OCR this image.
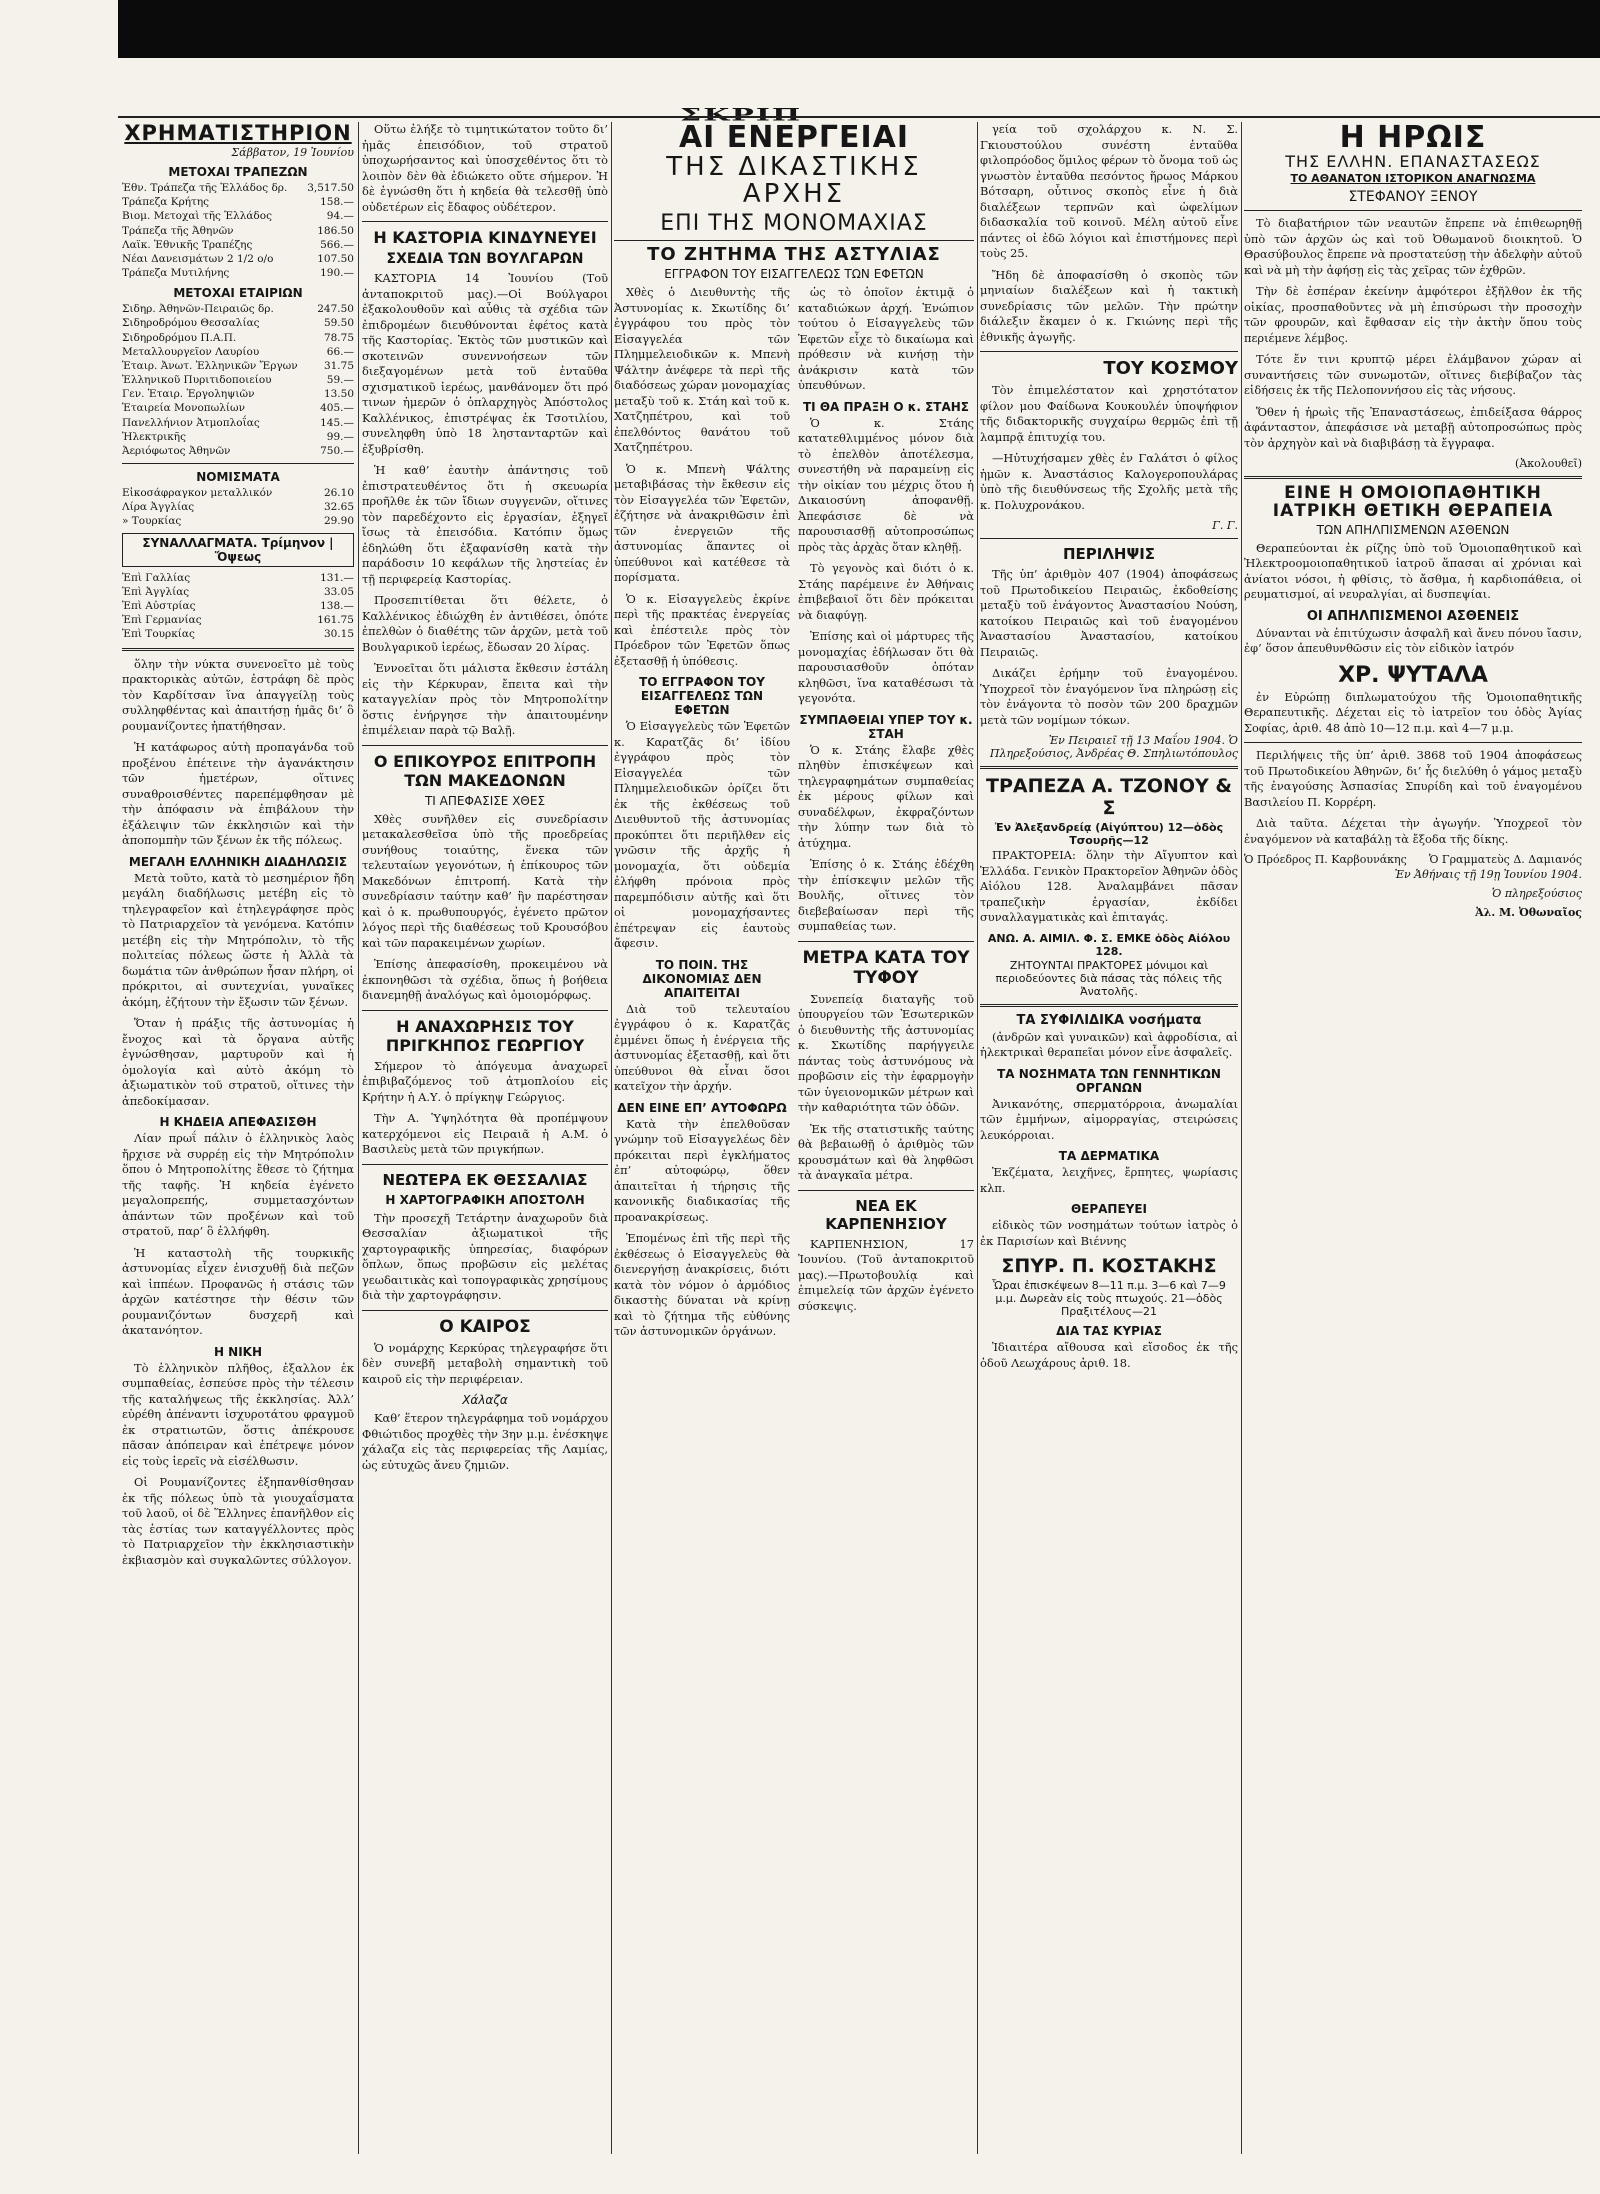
ΣΚΡΙΠ
ΧΡΗΜΑΤΙΣΤΗΡΙΟΝ
Σάββατον, 19 Ἰουνίου
ΜΕΤΟΧΑΙ ΤΡΑΠΕΖΩΝ
Ἐθν. Τράπεζα τῆς Ἑλλάδος δρ.	3,517.50
Τράπεζα Κρήτης	158.—
Βιομ. Μετοχαὶ τῆς Ἑλλάδος	94.—
Τράπεζα τῆς Ἀθηνῶν	186.50
Λαϊκ. Ἐθνικῆς Τραπέζης	566.—
Νέαι Δανεισμάτων 2 1/2 ο/ο	107.50
Τράπεζα Μυτιλήνης	190.—
ΜΕΤΟΧΑΙ ΕΤΑΙΡΙΩΝ
Σιδηρ. Ἀθηνῶν-Πειραιῶς δρ.	247.50
Σιδηροδρόμου Θεσσαλίας	59.50
Σιδηροδρόμου Π.Α.Π.	78.75
Μεταλλουργεῖον Λαυρίου	66.—
Ἑταιρ. Ἀνωτ. Ἐλληνικῶν Ἔργων	31.75
Ἑλληνικοῦ Πυριτιδοποιείου	59.—
Γεν. Ἑταιρ. Ἐργοληψιῶν	13.50
Ἑταιρεία Μονοπωλίων	405.—
Πανελλήνιον Ἀτμοπλοΐας	145.—
Ἠλεκτρικῆς	99.—
Ἀεριόφωτος Ἀθηνῶν	750.—
ΝΟΜΙΣΜΑΤΑ
Εἰκοσάφραγκον μεταλλικόν	26.10
Λίρα Ἀγγλίας	32.65
» Τουρκίας	29.90
ΣΥΝΑΛΛΑΓΜΑΤΑ. Τρίμηνον | Ὄψεως
Ἐπὶ Γαλλίας	131.—
Ἐπὶ Ἀγγλίας	33.05
Ἐπὶ Αὐστρίας	138.—
Ἐπὶ Γερμανίας	161.75
Ἐπὶ Τουρκίας	30.15

ὅλην τὴν νύκτα συνενοεῖτο μὲ τοὺς πρακτορικὰς αὐτῶν, ἐστράφη δὲ πρὸς τὸν Καρδίτσαν ἵνα ἀπαγγείλῃ τοὺς συλληφθέντας καὶ ἀπαιτήσῃ ἡμᾶς δι’ ὃ ρουμανίζοντες ἠπατήθησαν.

Ἡ κατάφωρος αὐτὴ προπαγάνδα τοῦ προξένου ἐπέτεινε τὴν ἀγανάκτησιν τῶν ἡμετέρων, οἵτινες συναθροισθέντες παρεπέμφθησαν μὲ τὴν ἀπόφασιν νὰ ἐπιβάλουν τὴν ἐξάλειψιν τῶν ἐκκλησιῶν καὶ τὴν ἀποπομπὴν τῶν ξένων ἐκ τῆς πόλεως.

ΜΕΓΑΛΗ ΕΛΛΗΝΙΚΗ ΔΙΑΔΗΛΩΣΙΣ

Μετὰ τοῦτο, κατὰ τὸ μεσημέριον ἤδη μεγάλη διαδήλωσις μετέβη εἰς τὸ τηλεγραφεῖον καὶ ἐτηλεγράφησε πρὸς τὸ Πατριαρχεῖον τὰ γενόμενα. Κατόπιν μετέβη εἰς τὴν Μητρόπολιν, τὸ τῆς πολιτείας πόλεως ὥστε ἡ Ἀλλὰ τὰ δωμάτια τῶν ἀνθρώπων ἦσαν πλήρη, οἱ πρόκριτοι, αἱ συντεχνίαι, γυναῖκες ἀκόμη, ἐζήτουν τὴν ἔξωσιν τῶν ξένων.

Ὅταν ἡ πράξις τῆς ἀστυνομίας ἡ ἔνοχος καὶ τὰ ὄργανα αὐτῆς ἐγνώσθησαν, μαρτυροῦν καὶ ἡ ὁμολογία καὶ αὐτὸ ἀκόμη τὸ ἀξιωματικὸν τοῦ στρατοῦ, οἵτινες τὴν ἀπεδοκίμασαν.

Η ΚΗΔΕΙΑ ΑΠΕΦΑΣΙΣΘΗ

Λίαν πρωΐ πάλιν ὁ ἑλληνικὸς λαὸς ἤρχισε νὰ συρρέῃ εἰς τὴν Μητρόπολιν ὅπου ὁ Μητροπολίτης ἔθεσε τὸ ζήτημα τῆς ταφῆς. Ἡ κηδεία ἐγένετο μεγαλοπρεπής, συμμετασχόντων ἁπάντων τῶν προξένων καὶ τοῦ στρατοῦ, παρ’ ὃ ἐλλήφθη.

Ἡ καταστολὴ τῆς τουρκικῆς ἀστυνομίας εἶχεν ἐνισχυθῇ διὰ πεζῶν καὶ ἱππέων. Προφανῶς ἡ στάσις τῶν ἀρχῶν κατέστησε τὴν θέσιν τῶν ρουμανιζόντων δυσχερῆ καὶ ἀκατανόητον.

Η ΝΙΚΗ

Τὸ ἑλληνικὸν πλῆθος, ἐξαλλον ἐκ συμπαθείας, ἐσπεύσε πρὸς τὴν τέλεσιν τῆς καταλήψεως τῆς ἐκκλησίας. Ἀλλ’ εὑρέθη ἀπέναντι ἰσχυροτάτου φραγμοῦ ἐκ στρατιωτῶν, ὅστις ἀπέκρουσε πᾶσαν ἀπόπειραν καὶ ἐπέτρεψε μόνον εἰς τοὺς ἱερεῖς νὰ εἰσέλθωσιν.

Οἱ Ρουμανίζοντες ἐξηπανθίσθησαν ἐκ τῆς πόλεως ὑπὸ τὰ γιουχαΐσματα τοῦ λαοῦ, οἱ δὲ Ἕλληνες ἐπανῆλθον εἰς τὰς ἑστίας των καταγγέλλοντες πρὸς τὸ Πατριαρχεῖον τὴν ἐκκλησιαστικὴν ἐκβιασμὸν καὶ συγκαλῶντες σύλλογον.

Οὕτω ἐλήξε τὸ τιμητικώτατον τοῦτο δι’ ἡμᾶς ἐπεισόδιον, τοῦ στρατοῦ ὑποχωρήσαντος καὶ ὑποσχεθέντος ὅτι τὸ λοιπὸν δὲν θὰ ἐδιώκετο οὔτε σήμερον. Ἡ δὲ ἐγνώσθη ὅτι ἡ κηδεία θὰ τελεσθῇ ὑπὸ οὐδετέρων εἰς ἔδαφος οὐδέτερον.

Η ΚΑΣΤΟΡΙΑ ΚΙΝΔΥΝΕΥΕΙ
ΣΧΕΔΙΑ ΤΩΝ ΒΟΥΛΓΑΡΩΝ

ΚΑΣΤΟΡΙΑ 14 Ἰουνίου (Τοῦ ἀνταποκριτοῦ μας).—Οἱ Βούλγαροι ἐξακολουθοῦν καὶ αὖθις τὰ σχέδια τῶν ἐπιδρομέων διευθύνονται ἐφέτος κατὰ τῆς Καστορίας. Ἐκτὸς τῶν μυστικῶν καὶ σκοτεινῶν συνεννοήσεων τῶν διεξαγομένων μετὰ τοῦ ἐνταῦθα σχισματικοῦ ἱερέως, μανθάνομεν ὅτι πρό τινων ἡμερῶν ὁ ὁπλαρχηγὸς Ἀπόστολος Καλλένικος, ἐπιστρέψας ἐκ Τσοτιλίου, συνεληφθη ὑπὸ 18 ληστανταρτῶν καὶ ἐξυβρίσθη.

Ἡ καθ’ ἑαυτὴν ἀπάντησις τοῦ ἐπιστρατευθέντος ὅτι ἡ σκευωρία προῆλθε ἐκ τῶν ἴδιων συγγενῶν, οἵτινες τὸν παρεδέχοντο εἰς ἐργασίαν, ἐξηγεῖ ἴσως τὰ ἐπεισόδια. Κατόπιν ὅμως ἐδηλώθη ὅτι ἐξαφανίσθη κατὰ τὴν παράδοσιν 10 κεφάλων τῆς ληστείας ἐν τῇ περιφερείᾳ Καστορίας.

Προσεπιτίθεται ὅτι θέλετε, ὁ Καλλένικος ἐδιώχθη ἐν ἀντιθέσει, ὁπότε ἐπελθὼν ὁ διαθέτης τῶν ἀρχῶν, μετὰ τοῦ Βουλγαρικοῦ ἱερέως, ἔδωσαν 20 λίρας.

Ἐννοεῖται ὅτι μάλιστα ἔκθεσιν ἐστάλη εἰς τὴν Κέρκυραν, ἔπειτα καὶ τὴν καταγγελίαν πρὸς τὸν Μητροπολίτην ὅστις ἐνήργησε τὴν ἀπαιτουμένην ἐπιμέλειαν παρὰ τῷ Βαλῇ.

Ο ΕΠΙΚΟΥΡΟΣ ΕΠΙΤΡΟΠΗ ΤΩΝ ΜΑΚΕΔΟΝΩΝ
ΤΙ ΑΠΕΦΑΣΙΣΕ ΧΘΕΣ

Χθὲς συνῆλθεν εἰς συνεδρίασιν μετακαλεσθεῖσα ὑπὸ τῆς προεδρείας συνήθους τοιαύτης, ἕνεκα τῶν τελευταίων γεγονότων, ἡ ἐπίκουρος τῶν Μακεδόνων ἐπιτροπή. Κατὰ τὴν συνεδρίασιν ταύτην καθ’ ἣν παρέστησαν καὶ ὁ κ. πρωθυπουργός, ἐγένετο πρῶτον λόγος περὶ τῆς διαθέσεως τοῦ Κρουσόβου καὶ τῶν παρακειμένων χωρίων.

Ἐπίσης ἀπεφασίσθη, προκειμένου νὰ ἐκπονηθῶσι τὰ σχέδια, ὅπως ἡ βοήθεια διανεμηθῇ ἀναλόγως καὶ ὁμοιομόρφως.

Η ΑΝΑΧΩΡΗΣΙΣ ΤΟΥ ΠΡΙΓΚΗΠΟΣ ΓΕΩΡΓΙΟΥ

Σήμερον τὸ ἀπόγευμα ἀναχωρεῖ ἐπιβιβαζόμενος τοῦ ἀτμοπλοίου εἰς Κρήτην ἡ Α.Υ. ὁ πρίγκηψ Γεώργιος.

Τὴν Α. Ὑψηλότητα θὰ προπέμψουν κατερχόμενοι εἰς Πειραιᾶ ἡ Α.Μ. ὁ Βασιλεὺς μετὰ τῶν πριγκήπων.

ΝΕΩΤΕΡΑ ΕΚ ΘΕΣΣΑΛΙΑΣ
Η ΧΑΡΤΟΓΡΑΦΙΚΗ ΑΠΟΣΤΟΛΗ

Τὴν προσεχῆ Τετάρτην ἀναχωροῦν διὰ Θεσσαλίαν ἀξιωματικοὶ τῆς χαρτογραφικῆς ὑπηρεσίας, διαφόρων ὅπλων, ὅπως προβῶσιν εἰς μελέτας γεωδαιτικὰς καὶ τοπογραφικὰς χρησίμους διὰ τὴν χαρτογράφησιν.

Ο ΚΑΙΡΟΣ

Ὁ νομάρχης Κερκύρας τηλεγραφήσε ὅτι δὲν συνεβῆ μεταβολὴ σημαντικὴ τοῦ καιροῦ εἰς τὴν περιφέρειαν.

Χάλαζα

Καθ’ ἕτερον τηλεγράφημα τοῦ νομάρχου Φθιώτιδος προχθὲς τὴν 3ην μ.μ. ἐνέσκηψε χάλαζα εἰς τὰς περιφερείας τῆς Λαμίας, ὡς εὐτυχῶς ἄνευ ζημιῶν.

ΑΙ ΕΝΕΡΓΕΙΑΙ
ΤΗΣ ΔΙΚΑΣΤΙΚΗΣ ΑΡΧΗΣ
ΕΠΙ ΤΗΣ ΜΟΝΟΜΑΧΙΑΣ
ΤΟ ΖΗΤΗΜΑ ΤΗΣ ΑΣΤΥΛΙΑΣ
ΕΓΓΡΑΦΟΝ ΤΟΥ ΕΙΣΑΓΓΕΛΕΩΣ ΤΩΝ ΕΦΕΤΩΝ

Χθὲς ὁ Διευθυντὴς τῆς Ἀστυνομίας κ. Σκωτίδης δι’ ἐγγράφου του πρὸς τὸν Εἰσαγγελέα τῶν Πλημμελειοδικῶν κ. Μπενὴ Ψάλτην ἀνέφερε τὰ περὶ τῆς διαδόσεως χώραν μονομαχίας μεταξὺ τοῦ κ. Στάη καὶ τοῦ κ. Χατζηπέτρου, καὶ τοῦ ἐπελθόντος θανάτου τοῦ Χατζηπέτρου.

Ὁ κ. Μπενὴ Ψάλτης μεταβιβάσας τὴν ἔκθεσιν εἰς τὸν Εἰσαγγελέα τῶν Ἐφετῶν, ἐζήτησε νὰ ἀνακριθῶσιν ἐπὶ τῶν ἐνεργειῶν τῆς ἀστυνομίας ἅπαντες οἱ ὑπεύθυνοι καὶ κατέθεσε τὰ πορίσματα.

Ὁ κ. Εἰσαγγελεὺς ἐκρίνε περὶ τῆς πρακτέας ἐνεργείας καὶ ἐπέστειλε πρὸς τὸν Πρόεδρον τῶν Ἐφετῶν ὅπως ἐξετασθῇ ἡ ὑπόθεσις.

ΤΟ ΕΓΓΡΑΦΟΝ ΤΟΥ ΕΙΣΑΓΓΕΛΕΩΣ ΤΩΝ ΕΦΕΤΩΝ

Ὁ Εἰσαγγελεὺς τῶν Ἐφετῶν κ. Καρατζᾶς δι’ ἰδίου ἐγγράφου πρὸς τὸν Εἰσαγγελέα τῶν Πλημμελειοδικῶν ὁρίζει ὅτι ἐκ τῆς ἐκθέσεως τοῦ Διευθυντοῦ τῆς ἀστυνομίας προκύπτει ὅτι περιῆλθεν εἰς γνῶσιν τῆς ἀρχῆς ἡ μονομαχία, ὅτι οὐδεμία ἐλήφθη πρόνοια πρὸς παρεμπόδισιν αὐτῆς καὶ ὅτι οἱ μονομαχήσαντες ἐπέτρεψαν εἰς ἑαυτοὺς ἄφεσιν.

ΤΟ ΠΟΙΝ. ΤΗΣ ΔΙΚΟΝΟΜΙΑΣ ΔΕΝ ΑΠΑΙΤΕΙΤΑΙ

Διὰ τοῦ τελευταίου ἐγγράφου ὁ κ. Καρατζᾶς ἐμμένει ὅπως ἡ ἐνέργεια τῆς ἀστυνομίας ἐξετασθῇ, καὶ ὅτι ὑπεύθυνοι θὰ εἶναι ὅσοι κατεῖχον τὴν ἀρχήν.

ΔΕΝ ΕΙΝΕ ΕΠ’ ΑΥΤΟΦΩΡΩ

Κατὰ τὴν ἐπελθοῦσαν γνώμην τοῦ Εἰσαγγελέως δὲν πρόκειται περὶ ἐγκλήματος ἐπ’ αὐτοφώρῳ, ὅθεν ἀπαιτεῖται ἡ τήρησις τῆς κανονικῆς διαδικασίας τῆς προανακρίσεως.

Ἑπομένως ἐπὶ τῆς περὶ τῆς ἐκθέσεως ὁ Εἰσαγγελεὺς θὰ διενεργήσῃ ἀνακρίσεις, διότι κατὰ τὸν νόμον ὁ ἀρμόδιος δικαστὴς δύναται νὰ κρίνῃ καὶ τὸ ζήτημα τῆς εὐθύνης τῶν ἀστυνομικῶν ὀργάνων.

ὡς τὸ ὁποῖον ἐκτιμᾷ ὁ καταδιώκων ἀρχή. Ἐνώπιον τούτου ὁ Εἰσαγγελεὺς τῶν Ἐφετῶν εἶχε τὸ δικαίωμα καὶ πρόθεσιν νὰ κινήσῃ τὴν ἀνάκρισιν κατὰ τῶν ὑπευθύνων.

ΤΙ ΘΑ ΠΡΑΞΗ Ο κ. ΣΤΑΗΣ

Ὁ κ. Στάης κατατεθλιμμένος μόνον διὰ τὸ ἐπελθὸν ἀποτέλεσμα, συνεστήθη νὰ παραμείνῃ εἰς τὴν οἰκίαν του μέχρις ὅτου ἡ Δικαιοσύνη ἀποφανθῇ. Ἀπεφάσισε δὲ νὰ παρουσιασθῇ αὐτοπροσώπως πρὸς τὰς ἀρχὰς ὅταν κληθῇ.

Τὸ γεγονὸς καὶ διότι ὁ κ. Στάης παρέμεινε ἐν Ἀθήναις ἐπιβεβαιοῖ ὅτι δὲν πρόκειται νὰ διαφύγῃ.

Ἐπίσης καὶ οἱ μάρτυρες τῆς μονομαχίας ἐδήλωσαν ὅτι θὰ παρουσιασθοῦν ὁπόταν κληθῶσι, ἵνα καταθέσωσι τὰ γεγονότα.

ΣΥΜΠΑΘΕΙΑΙ ΥΠΕΡ ΤΟΥ κ. ΣΤΑΗ

Ὁ κ. Στάης ἔλαβε χθὲς πληθὺν ἐπισκέψεων καὶ τηλεγραφημάτων συμπαθείας ἐκ μέρους φίλων καὶ συναδέλφων, ἐκφραζόντων τὴν λύπην των διὰ τὸ ἀτύχημα.

Ἐπίσης ὁ κ. Στάης ἐδέχθη τὴν ἐπίσκεψιν μελῶν τῆς Βουλῆς, οἵτινες τὸν διεβεβαίωσαν περὶ τῆς συμπαθείας των.

ΜΕΤΡΑ ΚΑΤΑ ΤΟΥ ΤΥΦΟΥ

Συνεπείᾳ διαταγῆς τοῦ ὑπουργείου τῶν Ἐσωτερικῶν ὁ διευθυντὴς τῆς ἀστυνομίας κ. Σκωτίδης παρήγγειλε πάντας τοὺς ἀστυνόμους νὰ προβῶσιν εἰς τὴν ἐφαρμογὴν τῶν ὑγειονομικῶν μέτρων καὶ τὴν καθαριότητα τῶν ὁδῶν.

Ἐκ τῆς στατιστικῆς ταύτης θὰ βεβαιωθῇ ὁ ἀριθμὸς τῶν κρουσμάτων καὶ θὰ ληφθῶσι τὰ ἀναγκαῖα μέτρα.

ΝΕΑ ΕΚ ΚΑΡΠΕΝΗΣΙΟΥ

ΚΑΡΠΕΝΗΣΙΟΝ, 17 Ἰουνίου. (Τοῦ ἀνταποκριτοῦ μας).—Πρωτοβουλίᾳ καὶ ἐπιμελείᾳ τῶν ἀρχῶν ἐγένετο σύσκεψις.

γεία τοῦ σχολάρχου κ. Ν. Σ. Γκιουστούλου συνέστη ἐνταῦθα φιλοπρόοδος ὅμιλος φέρων τὸ ὄνομα τοῦ ὡς γνωστὸν ἐνταῦθα πεσόντος ἥρωος Μάρκου Βότσαρη, οὗτινος σκοπὸς εἶνε ἡ διὰ διαλέξεων τερπνῶν καὶ ὠφελίμων διδασκαλία τοῦ κοινοῦ. Μέλη αὐτοῦ εἶνε πάντες οἱ ἐδῶ λόγιοι καὶ ἐπιστήμονες περὶ τοὺς 25.

Ἤδη δὲ ἀποφασίσθη ὁ σκοπὸς τῶν μηνιαίων διαλέξεων καὶ ἡ τακτικὴ συνεδρίασις τῶν μελῶν. Τὴν πρώτην διάλεξιν ἔκαμεν ὁ κ. Γκιώνης περὶ τῆς ἐθνικῆς ἀγωγῆς.

ΤΟΥ ΚΟΣΜΟΥ

Τὸν ἐπιμελέστατον καὶ χρηστότατον φίλον μου Φαίδωνα Κουκουλέν ὑποψήφιον τῆς διδακτορικῆς συγχαίρω θερμῶς ἐπὶ τῇ λαμπρᾷ ἐπιτυχίᾳ του.

—Ηὐτυχήσαμεν χθὲς ἐν Γαλάτσι ὁ φίλος ἡμῶν κ. Ἀναστάσιος Καλογεροπουλάρας ὑπὸ τῆς διευθύνσεως τῆς Σχολῆς μετὰ τῆς κ. Πολυχρονάκου.

Γ. Γ.
ΠΕΡΙΛΗΨΙΣ

Τῆς ὑπ’ ἀριθμὸν 407 (1904) ἀποφάσεως τοῦ Πρωτοδικείου Πειραιῶς, ἐκδοθείσης μεταξὺ τοῦ ἐνάγοντος Ἀναστασίου Νούση, κατοίκου Πειραιῶς καὶ τοῦ ἐναγομένου Ἀναστασίου Ἀναστασίου, κατοίκου Πειραιῶς.

Δικάζει ἐρήμην τοῦ ἐναγομένου. Ὑποχρεοῖ τὸν ἐναγόμενον ἵνα πληρώσῃ εἰς τὸν ἐνάγοντα τὸ ποσὸν τῶν 200 δραχμῶν μετὰ τῶν νομίμων τόκων.

Ἐν Πειραιεῖ τῇ 13 Μαΐου 1904. Ὁ Πληρεξούσιος, Ἀνδρέας Θ. Σπηλιωτόπουλος
ΤΡΑΠΕΖΑ Α. ΤΖΟΝΟΥ & Σ
Ἐν Ἀλεξανδρείᾳ (Αἰγύπτου) 12—ὁδὸς Τσουρῆς—12

ΠΡΑΚΤΟΡΕΙΑ: ὅλην τὴν Αἴγυπτον καὶ Ἑλλάδα. Γενικὸν Πρακτορεῖον Ἀθηνῶν ὁδὸς Αἰόλου 128. Ἀναλαμβάνει πᾶσαν τραπεζικὴν ἐργασίαν, ἐκδίδει συναλλαγματικὰς καὶ ἐπιταγάς.

ΑΝΩ. Α. ΑΙΜΙΛ. Φ. Σ. ΕΜΚΕ ὁδὸς Αἰόλου 128.
ΖΗΤΟΥΝΤΑΙ ΠΡΑΚΤΟΡΕΣ μόνιμοι καὶ περιοδεύοντες διὰ πάσας τὰς πόλεις τῆς Ἀνατολῆς.
ΤΑ ΣΥΦΙΛΙΔΙΚΑ νοσήματα

(ἀνδρῶν καὶ γυναικῶν) καὶ ἀφροδίσια, αἱ ἡλεκτρικαὶ θεραπεῖαι μόνον εἶνε ἀσφαλεῖς.

ΤΑ ΝΟΣΗΜΑΤΑ ΤΩΝ ΓΕΝΝΗΤΙΚΩΝ ΟΡΓΑΝΩΝ

Ἀνικανότης, σπερματόρροια, ἀνωμαλίαι τῶν ἐμμήνων, αἱμορραγίας, στειρώσεις λευκόρροιαι.

ΤΑ ΔΕΡΜΑΤΙΚΑ

Ἐκζέματα, λειχῆνες, ἔρπητες, ψωρίασις κλπ.

ΘΕΡΑΠΕΥΕΙ

εἰδικὸς τῶν νοσημάτων τούτων ἰατρὸς ὁ ἐκ Παρισίων καὶ Βιέννης

ΣΠΥΡ. Π. ΚΟΣΤΑΚΗΣ
Ὧραι ἐπισκέψεων 8—11 π.μ. 3—6 καὶ 7—9 μ.μ. Δωρεὰν εἰς τοὺς πτωχούς. 21—ὁδὸς Πραξιτέλους—21
ΔΙΑ ΤΑΣ ΚΥΡΙΑΣ

Ἰδιαιτέρα αἴθουσα καὶ εἴσοδος ἐκ τῆς ὁδοῦ Λεωχάρους ἀριθ. 18.

Η ΗΡΩΙΣ
ΤΗΣ ΕΛΛΗΝ. ΕΠΑΝΑΣΤΑΣΕΩΣ
ΤΟ ΑΘΑΝΑΤΟΝ ΙΣΤΟΡΙΚΟΝ ΑΝΑΓΝΩΣΜΑ
ΣΤΕΦΑΝΟΥ ΞΕΝΟΥ

Τὸ διαβατήριον τῶν νεαυτῶν ἔπρεπε νὰ ἐπιθεωρηθῇ ὑπὸ τῶν ἀρχῶν ὡς καὶ τοῦ Ὀθωμανοῦ διοικητοῦ. Ὁ Θρασύβουλος ἔπρεπε νὰ προστατεύσῃ τὴν ἀδελφὴν αὐτοῦ καὶ νὰ μὴ τὴν ἀφήσῃ εἰς τὰς χεῖρας τῶν ἐχθρῶν.

Τὴν δὲ ἐσπέραν ἐκείνην ἀμφότεροι ἐξῆλθον ἐκ τῆς οἰκίας, προσπαθοῦντες νὰ μὴ ἐπισύρωσι τὴν προσοχὴν τῶν φρουρῶν, καὶ ἔφθασαν εἰς τὴν ἀκτὴν ὅπου τοὺς περιέμενε λέμβος.

Τότε ἔν τινι κρυπτῷ μέρει ἐλάμβανον χώραν αἱ συναντήσεις τῶν συνωμοτῶν, οἵτινες διεβίβαζον τὰς εἰδήσεις ἐκ τῆς Πελοποννήσου εἰς τὰς νήσους.

Ὅθεν ἡ ἡρωὶς τῆς Ἐπαναστάσεως, ἐπιδείξασα θάρρος ἀφάνταστον, ἀπεφάσισε νὰ μεταβῇ αὐτοπροσώπως πρὸς τὸν ἀρχηγὸν καὶ νὰ διαβιβάσῃ τὰ ἔγγραφα.

(Ἀκολουθεῖ)
ΕΙΝΕ Η ΟΜΟΙΟΠΑΘΗΤΙΚΗ
ΙΑΤΡΙΚΗ ΘΕΤΙΚΗ ΘΕΡΑΠΕΙΑ
ΤΩΝ ΑΠΗΛΠΙΣΜΕΝΩΝ ΑΣΘΕΝΩΝ

Θεραπεύονται ἐκ ρίζης ὑπὸ τοῦ Ὁμοιοπαθητικοῦ καὶ Ἠλεκτροομοιοπαθητικοῦ ἰατροῦ ἅπασαι αἱ χρόνιαι καὶ ἀνίατοι νόσοι, ἡ φθίσις, τὸ ἄσθμα, ἡ καρδιοπάθεια, οἱ ρευματισμοί, αἱ νευραλγίαι, αἱ δυσπεψίαι.

ΟΙ ΑΠΗΛΠΙΣΜΕΝΟΙ ΑΣΘΕΝΕΙΣ

Δύνανται νὰ ἐπιτύχωσιν ἀσφαλῆ καὶ ἄνευ πόνου ἴασιν, ἐφ’ ὅσον ἀπευθυνθῶσιν εἰς τὸν εἰδικὸν ἰατρόν

ΧΡ. ΨΥΤΑΛΑ

ἐν Εὐρώπῃ διπλωματούχου τῆς Ὁμοιοπαθητικῆς Θεραπευτικῆς. Δέχεται εἰς τὸ ἰατρεῖον του ὁδὸς Ἀγίας Σοφίας, ἀριθ. 48 ἀπὸ 10—12 π.μ. καὶ 4—7 μ.μ.

Περιλήψεις τῆς ὑπ’ ἀριθ. 3868 τοῦ 1904 ἀποφάσεως τοῦ Πρωτοδικείου Ἀθηνῶν, δι’ ἧς διελύθη ὁ γάμος μεταξὺ τῆς ἐναγούσης Ἀσπασίας Σπυρίδη καὶ τοῦ ἐναγομένου Βασιλείου Π. Κορρέρη.

Διὰ ταῦτα. Δέχεται τὴν ἀγωγήν. Ὑποχρεοῖ τὸν ἐναγόμενον νὰ καταβάλῃ τὰ ἔξοδα τῆς δίκης.

Ὁ Πρόεδρος Π. Καρβουνάκης Ὁ Γραμματεὺς Δ. Δαμιανός
Ἐν Ἀθήναις τῇ 19ῃ Ἰουνίου 1904.
Ὁ πληρεξούσιος
Ἀλ. Μ. Ὀθωναῖος
